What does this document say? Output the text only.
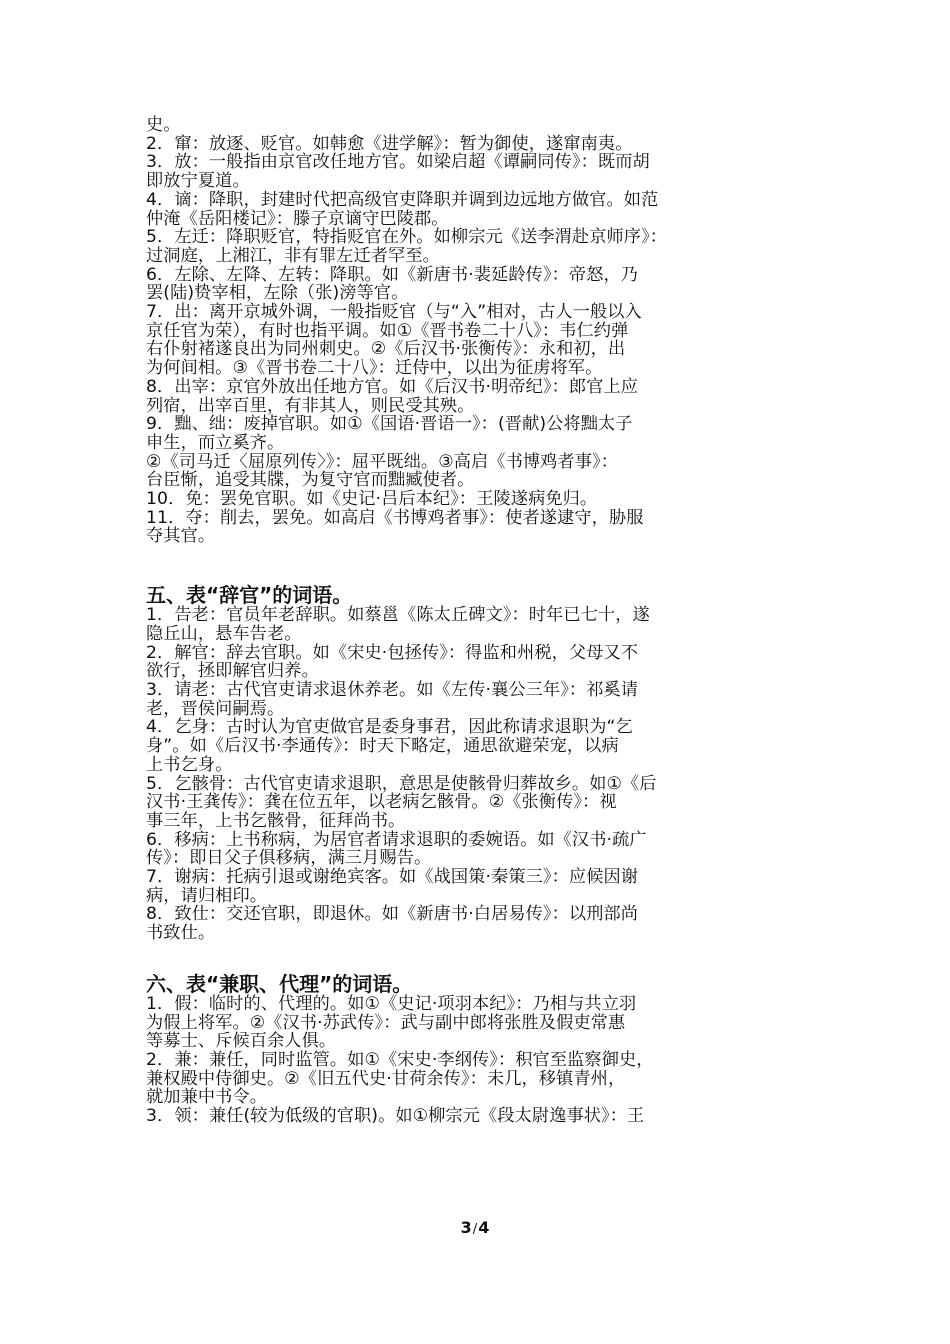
史。
2．窜：放逐、贬官。如韩愈《进学解》：暂为御使，遂窜南夷。
3．放：一般指由京官改任地方官。如梁启超《谭嗣同传》：既而胡
即放宁夏道。
4．谪：降职，封建时代把高级官吏降职并调到边远地方做官。如范
仲淹《岳阳楼记》：滕子京谪守巴陵郡。
5．左迁：降职贬官，特指贬官在外。如柳宗元《送李渭赴京师序》：
过洞庭，上湘江，非有罪左迁者罕至。
6．左除、左降、左转：降职。如《新唐书·裴延龄传》：帝怒，乃
罢(陆)贽宰相，左除（张)滂等官。
7．出：离开京城外调，一般指贬官（与“入”相对，古人一般以入
京任官为荣），有时也指平调。如①《晋书卷二十八》：韦仁约弹
右仆射褚遂良出为同州刺史。②《后汉书·张衡传》：永和初，出
为何间相。③《晋书卷二十八》：迁侍中，以出为征虏将军。
8．出宰：京官外放出任地方官。如《后汉书·明帝纪》：郎官上应
列宿，出宰百里，有非其人，则民受其殃。
9．黜、绌：废掉官职。如①《国语·晋语一》：(晋献)公将黜太子
申生，而立奚齐。
②《司马迁〈屈原列传〉》：屈平既绌。③高启《书博鸡者事》：
台臣惭，追受其牒，为复守官而黜臧使者。
10．免：罢免官职。如《史记·吕后本纪》：王陵遂病免归。
11．夺：削去，罢免。如高启《书博鸡者事》：使者遂逮守，胁服
夺其官。
五、表“辞官”的词语。
1．告老：官员年老辞职。如蔡邕《陈太丘碑文》：时年已七十，遂
隐丘山，悬车告老。
2．解官：辞去官职。如《宋史·包拯传》：得监和州税，父母又不
欲行，拯即解官归养。
3．请老：古代官吏请求退休养老。如《左传·襄公三年》：祁奚请
老，晋侯问嗣焉。
4．乞身：古时认为官吏做官是委身事君，因此称请求退职为“乞
身”。如《后汉书·李通传》：时天下略定，通思欲避荣宠，以病
上书乞身。
5．乞骸骨：古代官吏请求退职，意思是使骸骨归葬故乡。如①《后
汉书·王龚传》：龚在位五年，以老病乞骸骨。②《张衡传》：视
事三年，上书乞骸骨，征拜尚书。
6．移病：上书称病，为居官者请求退职的委婉语。如《汉书·疏广
传》：即日父子俱移病，满三月赐告。
7．谢病：托病引退或谢绝宾客。如《战国策·秦策三》：应候因谢
病，请归相印。
8．致仕：交还官职，即退休。如《新唐书·白居易传》：以刑部尚
书致仕。
六、表“兼职、代理”的词语。
1．假：临时的、代理的。如①《史记·项羽本纪》：乃相与共立羽
为假上将军。②《汉书·苏武传》：武与副中郎将张胜及假吏常惠
等募士、斥候百余人俱。
2．兼：兼任，同时监管。如①《宋史·李纲传》：积官至监察御史，
兼权殿中侍御史。②《旧五代史·甘荷余传》：未几，移镇青州，
就加兼中书令。
3．领：兼任(较为低级的官职)。如①柳宗元《段太尉逸事状》：王
3/4
